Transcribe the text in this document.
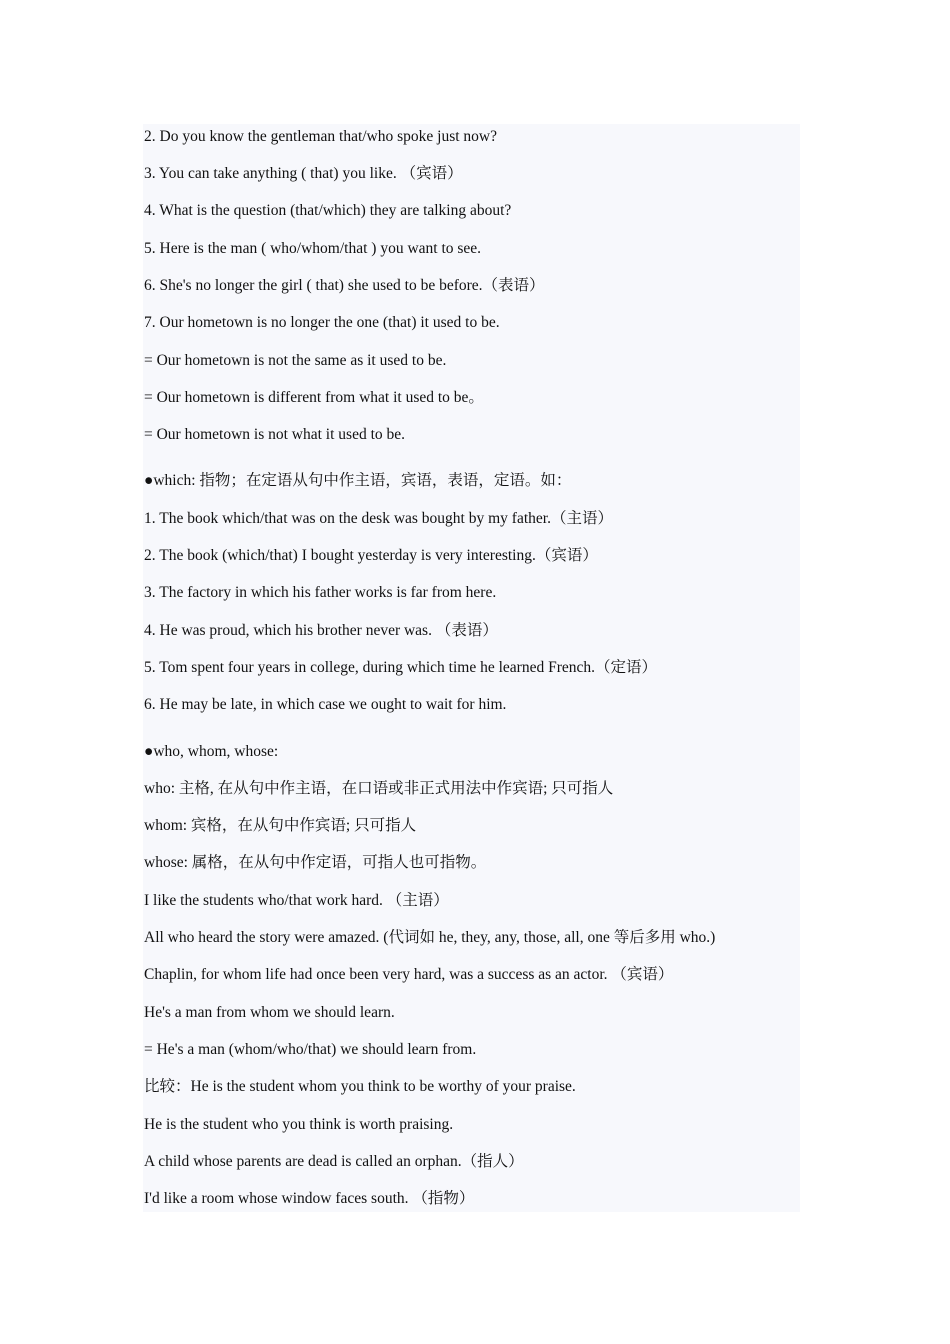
2. Do you know the gentleman that/who spoke just now?
3. You can take anything ( that) you like. （宾语）
4. What is the question (that/which) they are talking about?
5. Here is the man ( who/whom/that ) you want to see.
6. She's no longer the girl ( that) she used to be before.（表语）
7. Our hometown is no longer the one (that) it used to be.
= Our hometown is not the same as it used to be.
= Our hometown is different from what it used to be。
= Our hometown is not what it used to be.
●which: 指物；在定语从句中作主语，宾语，表语，定语。如：
1. The book which/that was on the desk was bought by my father.（主语）
2. The book (which/that) I bought yesterday is very interesting.（宾语）
3. The factory in which his father works is far from here.
4. He was proud, which his brother never was. （表语）
5. Tom spent four years in college, during which time he learned French.（定语）
6. He may be late, in which case we ought to wait for him.
●who, whom, whose:
who: 主格, 在从句中作主语，在口语或非正式用法中作宾语; 只可指人
whom: 宾格，在从句中作宾语; 只可指人
whose: 属格，在从句中作定语，可指人也可指物。
I like the students who/that work hard. （主语）
All who heard the story were amazed. (代词如 he, they, any, those, all, one 等后多用 who.)
Chaplin, for whom life had once been very hard, was a success as an actor. （宾语）
He's a man from whom we should learn.
= He's a man (whom/who/that) we should learn from.
比较：He is the student whom you think to be worthy of your praise.
He is the student who you think is worth praising.
A child whose parents are dead is called an orphan.（指人）
I'd like a room whose window faces south. （指物）
